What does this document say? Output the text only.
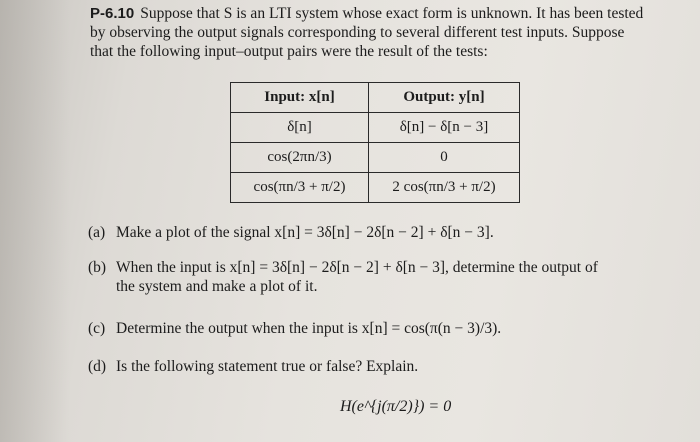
P-6.10 Suppose that S is an LTI system whose exact form is unknown. It has been tested
by observing the output signals corresponding to several different test inputs. Suppose
that the following input–output pairs were the result of the tests:
Input: x[n]	Output: y[n]
δ[n]	δ[n] − δ[n − 3]
cos(2πn/3)	0
cos(πn/3 + π/2)	2 cos(πn/3 + π/2)
(a) Make a plot of the signal x[n] = 3δ[n] − 2δ[n − 2] + δ[n − 3].
(b) When the input is x[n] = 3δ[n] − 2δ[n − 2] + δ[n − 3], determine the output of
the system and make a plot of it.
(c) Determine the output when the input is x[n] = cos(π(n − 3)/3).
(d) Is the following statement true or false? Explain.
H(e^{j(π/2)}) = 0
